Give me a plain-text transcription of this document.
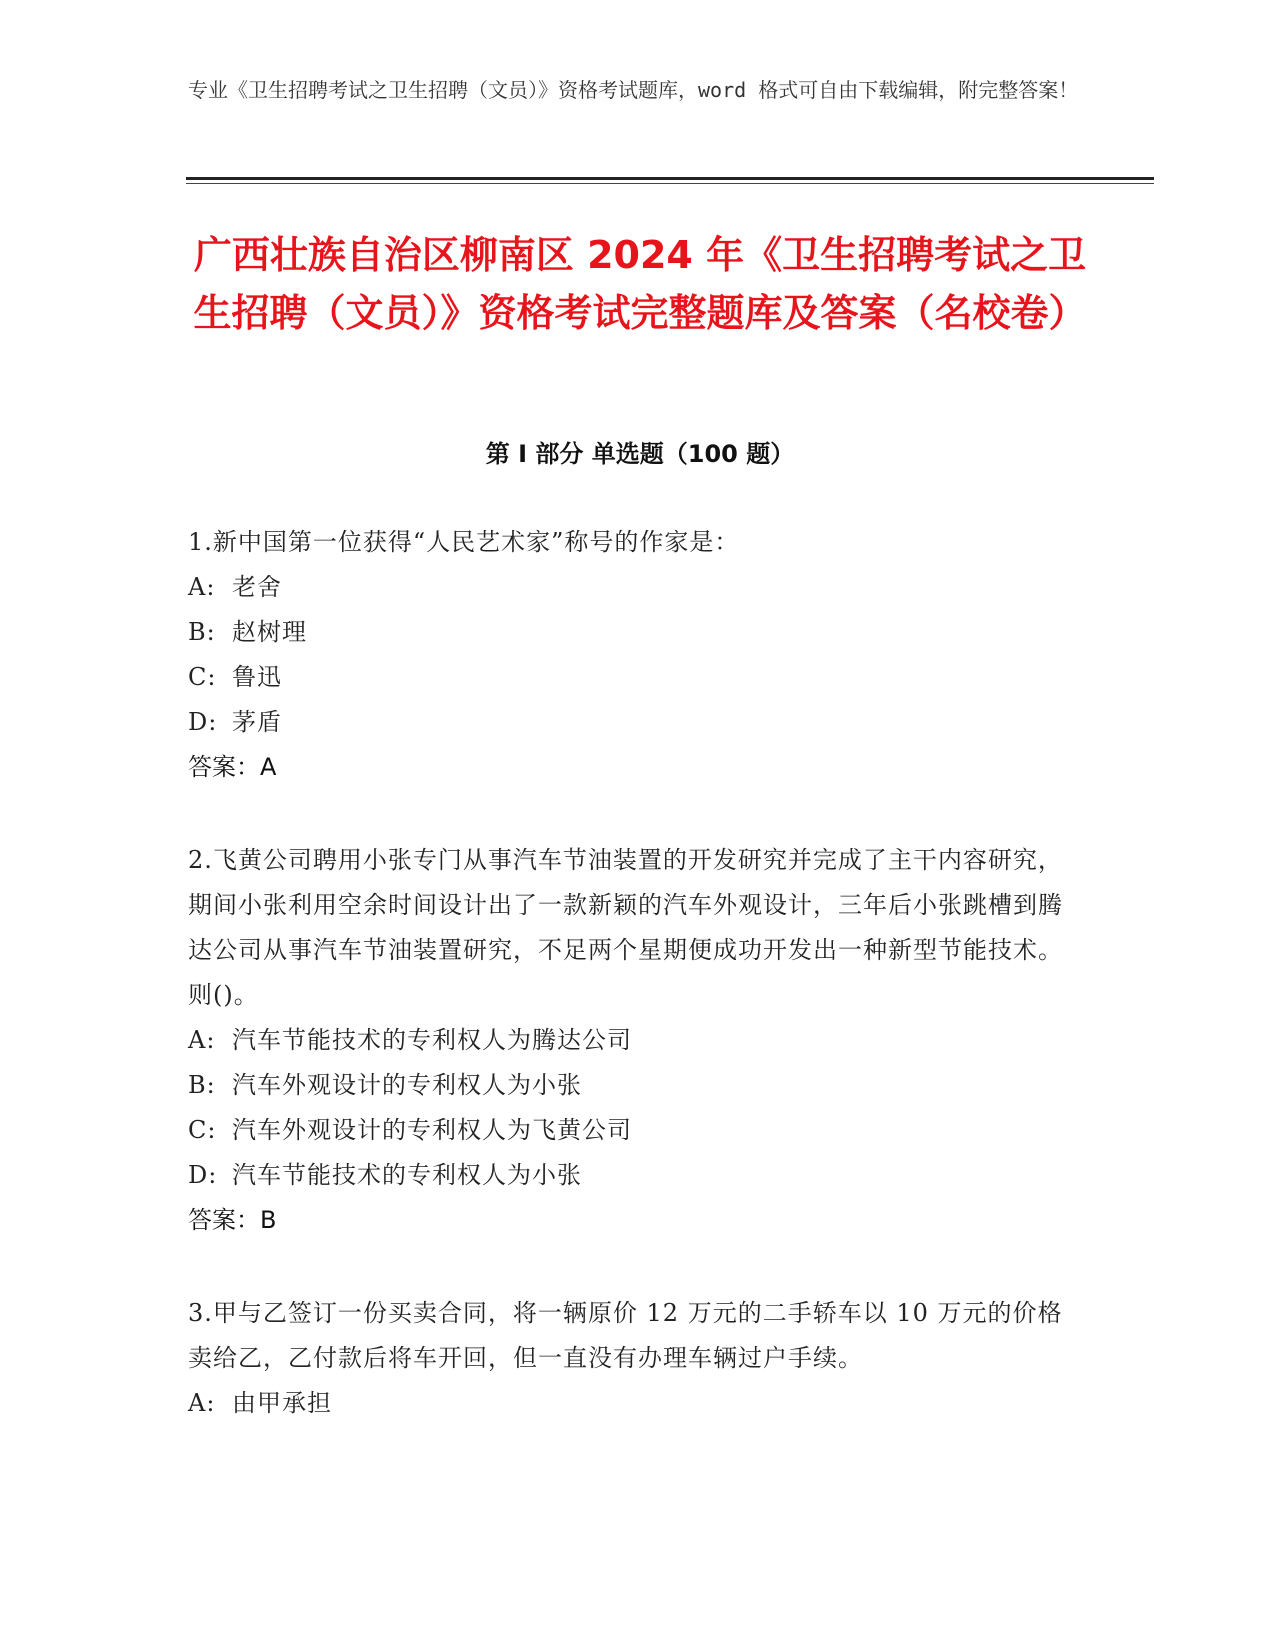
专业《卫生招聘考试之卫生招聘（文员）》资格考试题库，word 格式可自由下载编辑，附完整答案！
广西壮族自治区柳南区 2024 年《卫生招聘考试之卫生招聘（文员）》资格考试完整题库及答案（名校卷）
第 I 部分 单选题（100 题）
1.新中国第一位获得“人民艺术家”称号的作家是：
A: 老舍
B: 赵树理
C: 鲁迅
D: 茅盾
答案：A
2.飞黄公司聘用小张专门从事汽车节油装置的开发研究并完成了主干内容研究，期间小张利用空余时间设计出了一款新颖的汽车外观设计，三年后小张跳槽到腾达公司从事汽车节油装置研究，不足两个星期便成功开发出一种新型节能技术。则()。
A: 汽车节能技术的专利权人为腾达公司
B: 汽车外观设计的专利权人为小张
C: 汽车外观设计的专利权人为飞黄公司
D: 汽车节能技术的专利权人为小张
答案：B
3.甲与乙签订一份买卖合同，将一辆原价 12 万元的二手轿车以 10 万元的价格卖给乙，乙付款后将车开回，但一直没有办理车辆过户手续。
A: 由甲承担
